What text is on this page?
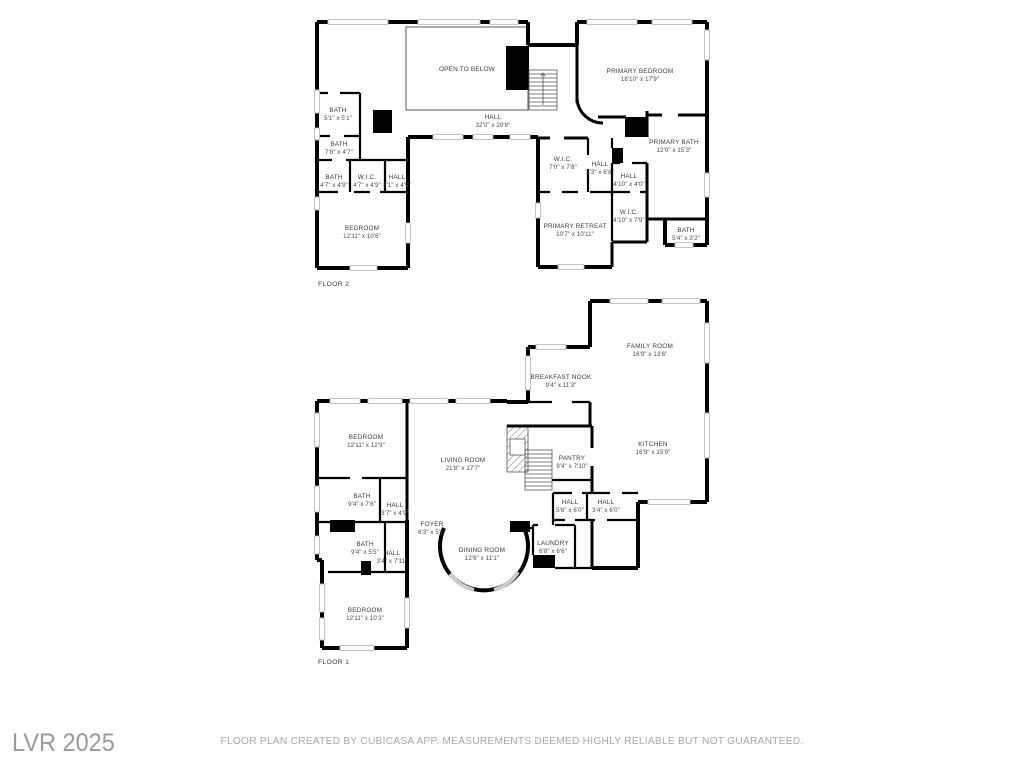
OPEN TO BELOW
HALL
32'0" x 20'8"
PRIMARY BEDROOM
18'10" x 17'9"
BATH
5'1" x 5'1"
BATH
7'8" x 4'7"
BATH
4'7" x 4'9"
W.I.C.
4'7" x 4'9"
HALL
3'1" x 4'9"
BEDROOM
12'11" x 10'6"
W.I.C.
7'0" x 7'8" HALL
3'3" x 6'8"
HALL
4'10" x 4'0"
PRIMARY BATH
12'0" x 15'3"
W.I.C.
4'10" x 7'9"
PRIMARY RETREAT
10'7" x 10'11"
BATH
5'4" x 3'2"
FAMILY ROOM
16'9" x 13'6"
BREAKFAST NOOK
9'4" x 11'3"
KITCHEN
16'9" x 15'9"
BEDROOM
12'11" x 12'9"
LIVING ROOM
21'8" x 17'7"
PANTRY
9'4" x 7'10"
BATH
9'4" x 7'6" HALL
3'7" x 4'9"
FOYER
6'3" x 5'7"
BATH
9'4" x 5'5" HALL
3'4" x 7'11"
DINING ROOM
12'6" x 11'1"
LAUNDRY
6'8" x 6'6"
HALL
5'6" x 6'0"
HALL
3'4" x 6'0"
BEDROOM
12'11" x 10'3"
FLOOR 2
FLOOR 1
FLOOR PLAN CREATED BY CUBICASA APP. MEASUREMENTS DEEMED HIGHLY RELIABLE BUT NOT GUARANTEED.
LVR 2025
